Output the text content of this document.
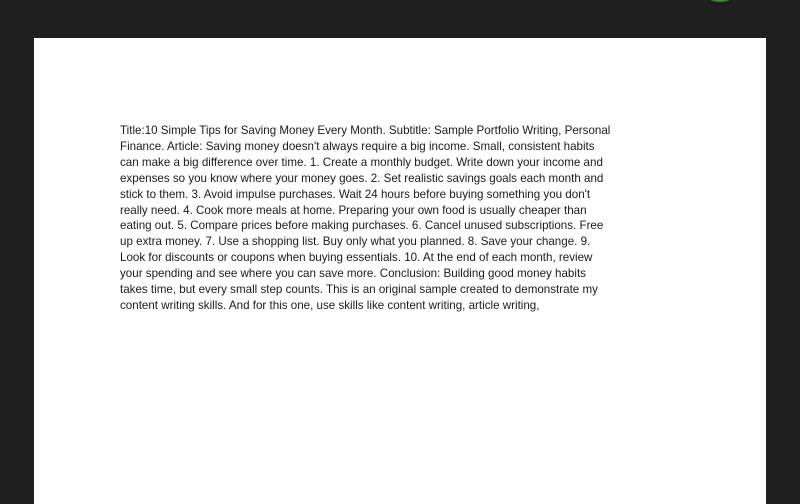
Title:10 Simple Tips for Saving Money Every Month. Subtitle: Sample Portfolio Writing, Personal
Finance. Article: Saving money doesn't always require a big income. Small, consistent habits
can make a big difference over time. 1. Create a monthly budget. Write down your income and
expenses so you know where your money goes. 2. Set realistic savings goals each month and
stick to them. 3. Avoid impulse purchases. Wait 24 hours before buying something you don't
really need. 4. Cook more meals at home. Preparing your own food is usually cheaper than
eating out. 5. Compare prices before making purchases. 6. Cancel unused subscriptions. Free
up extra money. 7. Use a shopping list. Buy only what you planned. 8. Save your change. 9.
Look for discounts or coupons when buying essentials. 10. At the end of each month, review
your spending and see where you can save more. Conclusion: Building good money habits
takes time, but every small step counts. This is an original sample created to demonstrate my
content writing skills. And for this one, use skills like content writing, article writing,
